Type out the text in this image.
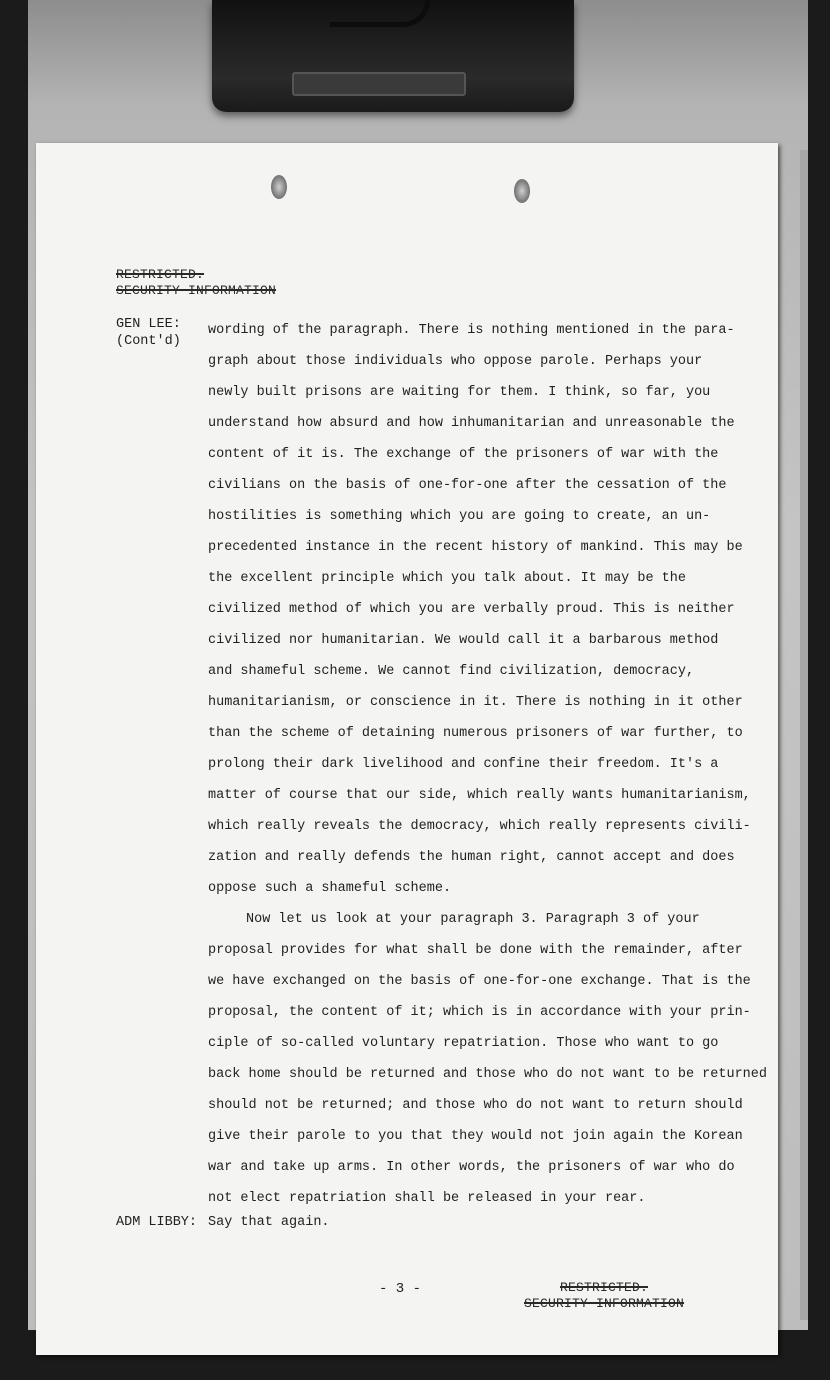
RESTRICTED.
SECURITY INFORMATION
GEN LEE:
(Cont'd)
wording of the paragraph. There is nothing mentioned in the para-
graph about those individuals who oppose parole. Perhaps your
newly built prisons are waiting for them. I think, so far, you
understand how absurd and how inhumanitarian and unreasonable the
content of it is. The exchange of the prisoners of war with the
civilians on the basis of one-for-one after the cessation of the
hostilities is something which you are going to create, an un-
precedented instance in the recent history of mankind. This may be
the excellent principle which you talk about. It may be the
civilized method of which you are verbally proud. This is neither
civilized nor humanitarian. We would call it a barbarous method
and shameful scheme. We cannot find civilization, democracy,
humanitarianism, or conscience in it. There is nothing in it other
than the scheme of detaining numerous prisoners of war further, to
prolong their dark livelihood and confine their freedom. It's a
matter of course that our side, which really wants humanitarianism,
which really reveals the democracy, which really represents civili-
zation and really defends the human right, cannot accept and does
oppose such a shameful scheme.
Now let us look at your paragraph 3. Paragraph 3 of your
proposal provides for what shall be done with the remainder, after
we have exchanged on the basis of one-for-one exchange. That is the
proposal, the content of it; which is in accordance with your prin-
ciple of so-called voluntary repatriation. Those who want to go
back home should be returned and those who do not want to be returned
should not be returned; and those who do not want to return should
give their parole to you that they would not join again the Korean
war and take up arms. In other words, the prisoners of war who do
not elect repatriation shall be released in your rear.
ADM LIBBY: Say that again.
- 3 -	RESTRICTED.
SECURITY INFORMATION
